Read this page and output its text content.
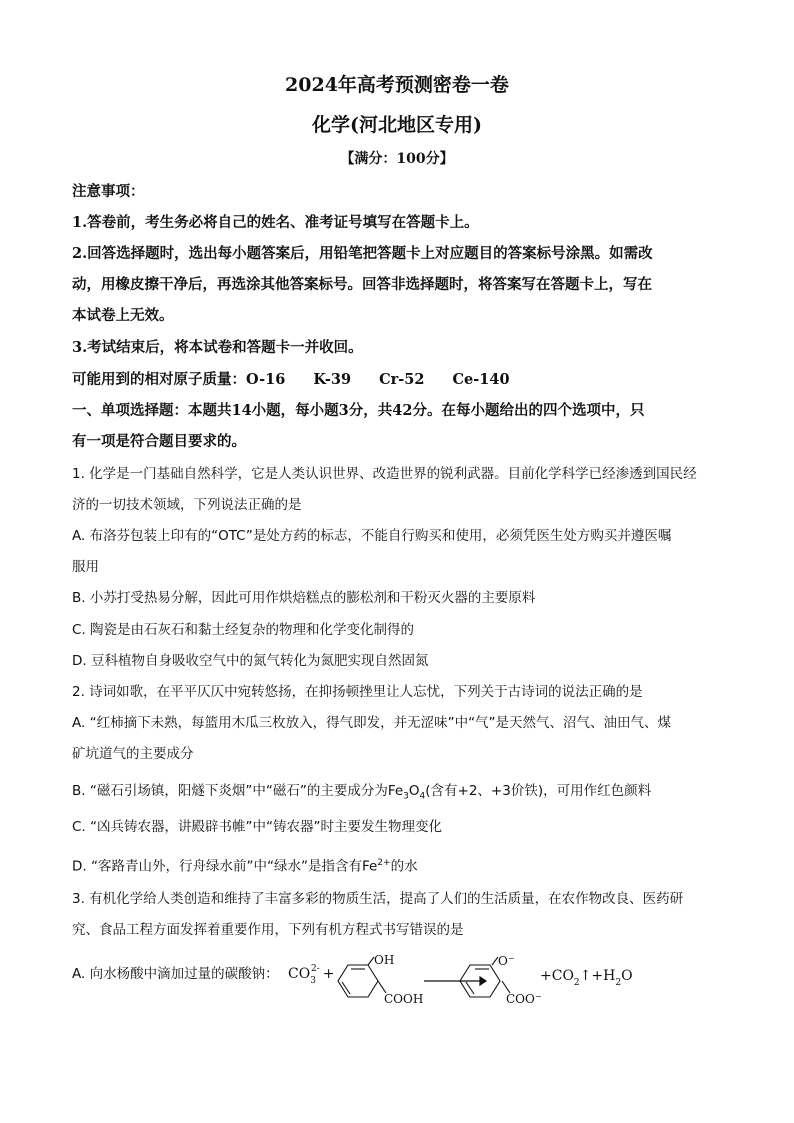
2024年高考预测密卷一卷
化学(河北地区专用)
【满分：100分】
注意事项：
1.答卷前，考生务必将自己的姓名、准考证号填写在答题卡上。
2.回答选择题时，选出每小题答案后，用铅笔把答题卡上对应题目的答案标号涂黑。如需改
动，用橡皮擦干净后，再选涂其他答案标号。回答非选择题时，将答案写在答题卡上，写在
本试卷上无效。
3.考试结束后，将本试卷和答题卡一并收回。
可能用到的相对原子质量：O-16 K-39 Cr-52 Ce-140
一、单项选择题：本题共14小题，每小题3分，共42分。在每小题给出的四个选项中，只
有一项是符合题目要求的。
1. 化学是一门基础自然科学，它是人类认识世界、改造世界的锐利武器。目前化学科学已经渗透到国民经
济的一切技术领域，下列说法正确的是
A. 布洛芬包装上印有的“OTC”是处方药的标志，不能自行购买和使用，必须凭医生处方购买并遵医嘱
服用
B. 小苏打受热易分解，因此可用作烘焙糕点的膨松剂和干粉灭火器的主要原料
C. 陶瓷是由石灰石和黏土经复杂的物理和化学变化制得的
D. 豆科植物自身吸收空气中的氮气转化为氮肥实现自然固氮
2. 诗词如歌，在平平仄仄中宛转悠扬，在抑扬顿挫里让人忘忧，下列关于古诗词的说法正确的是
A. “红柿摘下未熟，每篮用木瓜三枚放入，得气即发，并无涩味”中“气”是天然气、沼气、油田气、煤
矿坑道气的主要成分
B. “磁石引场镇，阳燧下炎烟”中“磁石”的主要成分为$Fe_3O_4$(含有+2、+3价铁)，可用作红色颜料
C. “凶兵铸农器，讲殿辟书帷”中“铸农器”时主要发生物理变化
D. “客路青山外，行舟绿水前”中“绿水”是指含有$Fe^{2+}$的水
3. 有机化学给人类创造和维持了丰富多彩的物质生活，提高了人们的生活质量，在农作物改良、医药研
究、食品工程方面发挥着重要作用，下列有机方程式书写错误的是
A. 向水杨酸中滴加过量的碳酸钠： $CO_32-$ +
OH
COOH
O−
COO−
$+CO_2↑+H_2O$
